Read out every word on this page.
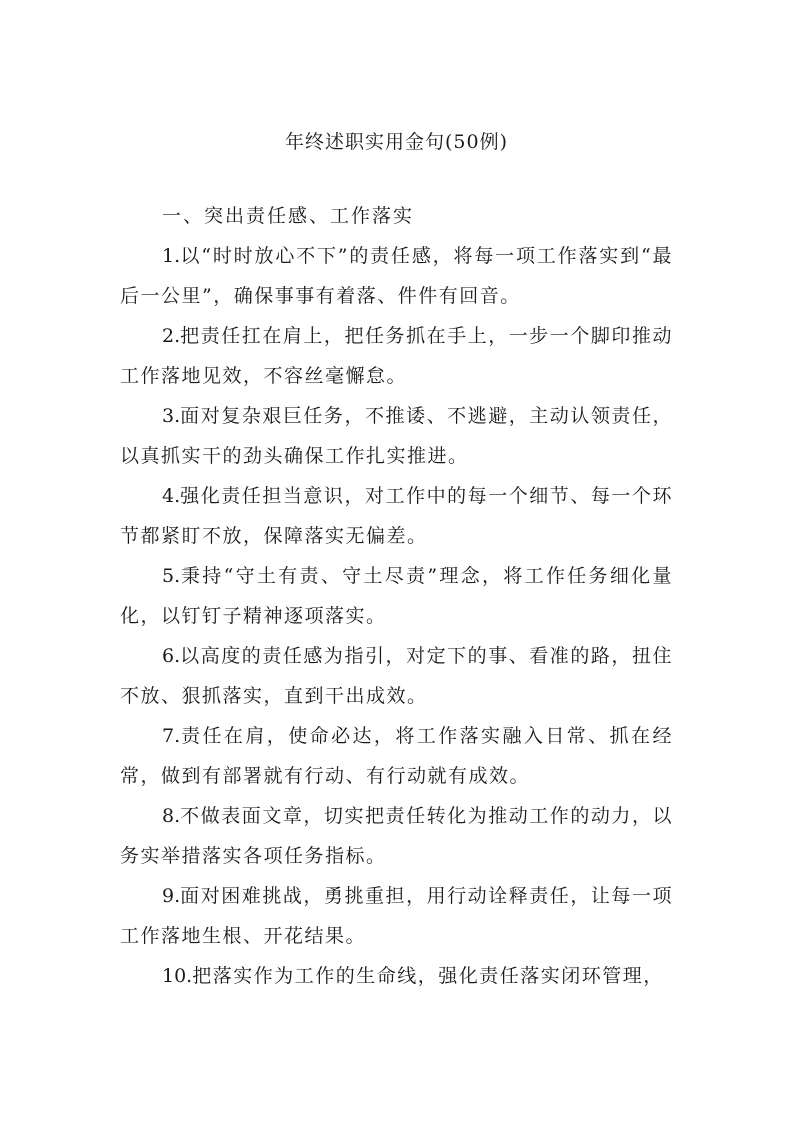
年终述职实用金句(50例)

一、突出责任感、工作落实

1.以“时时放心不下”的责任感，将每一项工作落实到“最后一公里”，确保事事有着落、件件有回音。

2.把责任扛在肩上，把任务抓在手上，一步一个脚印推动工作落地见效，不容丝毫懈怠。

3.面对复杂艰巨任务，不推诿、不逃避，主动认领责任，以真抓实干的劲头确保工作扎实推进。

4.强化责任担当意识，对工作中的每一个细节、每一个环节都紧盯不放，保障落实无偏差。

5.秉持“守土有责、守土尽责”理念，将工作任务细化量化，以钉钉子精神逐项落实。

6.以高度的责任感为指引，对定下的事、看准的路，扭住不放、狠抓落实，直到干出成效。

7.责任在肩，使命必达，将工作落实融入日常、抓在经常，做到有部署就有行动、有行动就有成效。

8.不做表面文章，切实把责任转化为推动工作的动力，以务实举措落实各项任务指标。

9.面对困难挑战，勇挑重担，用行动诠释责任，让每一项工作落地生根、开花结果。

10.把落实作为工作的生命线，强化责任落实闭环管理，
